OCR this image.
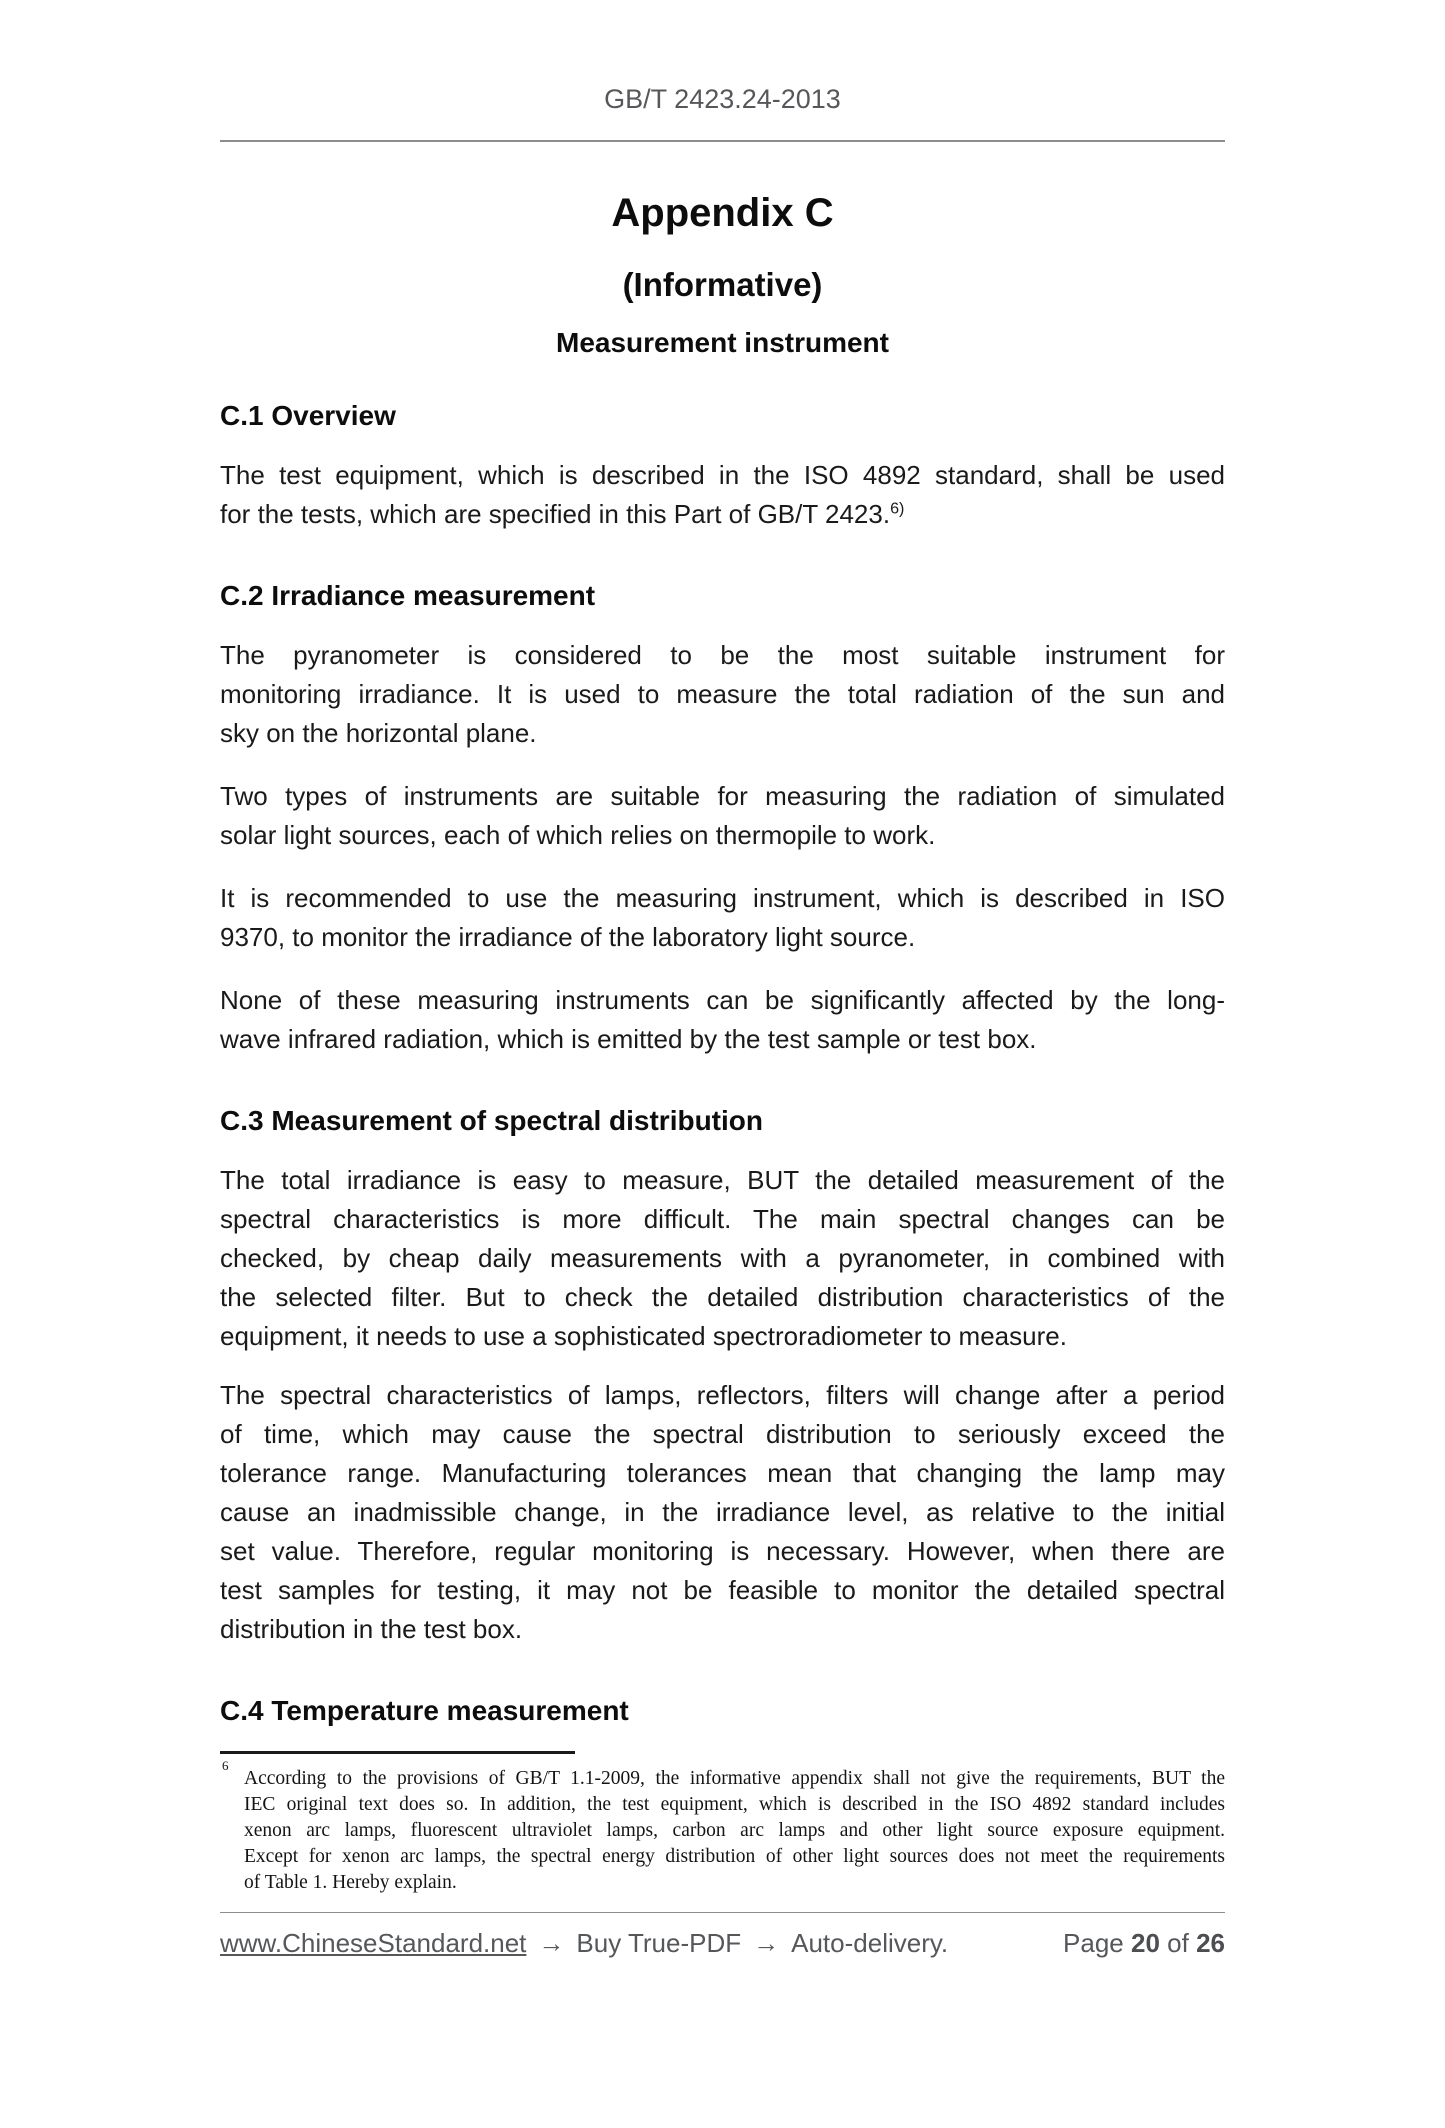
GB/T 2423.24-2013
Appendix C
(Informative)
Measurement instrument
C.1 Overview
The test equipment, which is described in the ISO 4892 standard, shall be used
for the tests, which are specified in this Part of GB/T 2423.$^{6)}$
C.2 Irradiance measurement
The pyranometer is considered to be the most suitable instrument for
monitoring irradiance. It is used to measure the total radiation of the sun and
sky on the horizontal plane.
Two types of instruments are suitable for measuring the radiation of simulated
solar light sources, each of which relies on thermopile to work.
It is recommended to use the measuring instrument, which is described in ISO
9370, to monitor the irradiance of the laboratory light source.
None of these measuring instruments can be significantly affected by the long-
wave infrared radiation, which is emitted by the test sample or test box.
C.3 Measurement of spectral distribution
The total irradiance is easy to measure, BUT the detailed measurement of the
spectral characteristics is more difficult. The main spectral changes can be
checked, by cheap daily measurements with a pyranometer, in combined with
the selected filter. But to check the detailed distribution characteristics of the
equipment, it needs to use a sophisticated spectroradiometer to measure.
The spectral characteristics of lamps, reflectors, filters will change after a period
of time, which may cause the spectral distribution to seriously exceed the
tolerance range. Manufacturing tolerances mean that changing the lamp may
cause an inadmissible change, in the irradiance level, as relative to the initial
set value. Therefore, regular monitoring is necessary. However, when there are
test samples for testing, it may not be feasible to monitor the detailed spectral
distribution in the test box.
C.4 Temperature measurement
6
According to the provisions of GB/T 1.1-2009, the informative appendix shall not give the requirements, BUT the
IEC original text does so. In addition, the test equipment, which is described in the ISO 4892 standard includes
xenon arc lamps, fluorescent ultraviolet lamps, carbon arc lamps and other light source exposure equipment.
Except for xenon arc lamps, the spectral energy distribution of other light sources does not meet the requirements
of Table 1. Hereby explain.
www.ChineseStandard.net → Buy True-PDF → Auto-delivery.	Page 20 of 26
